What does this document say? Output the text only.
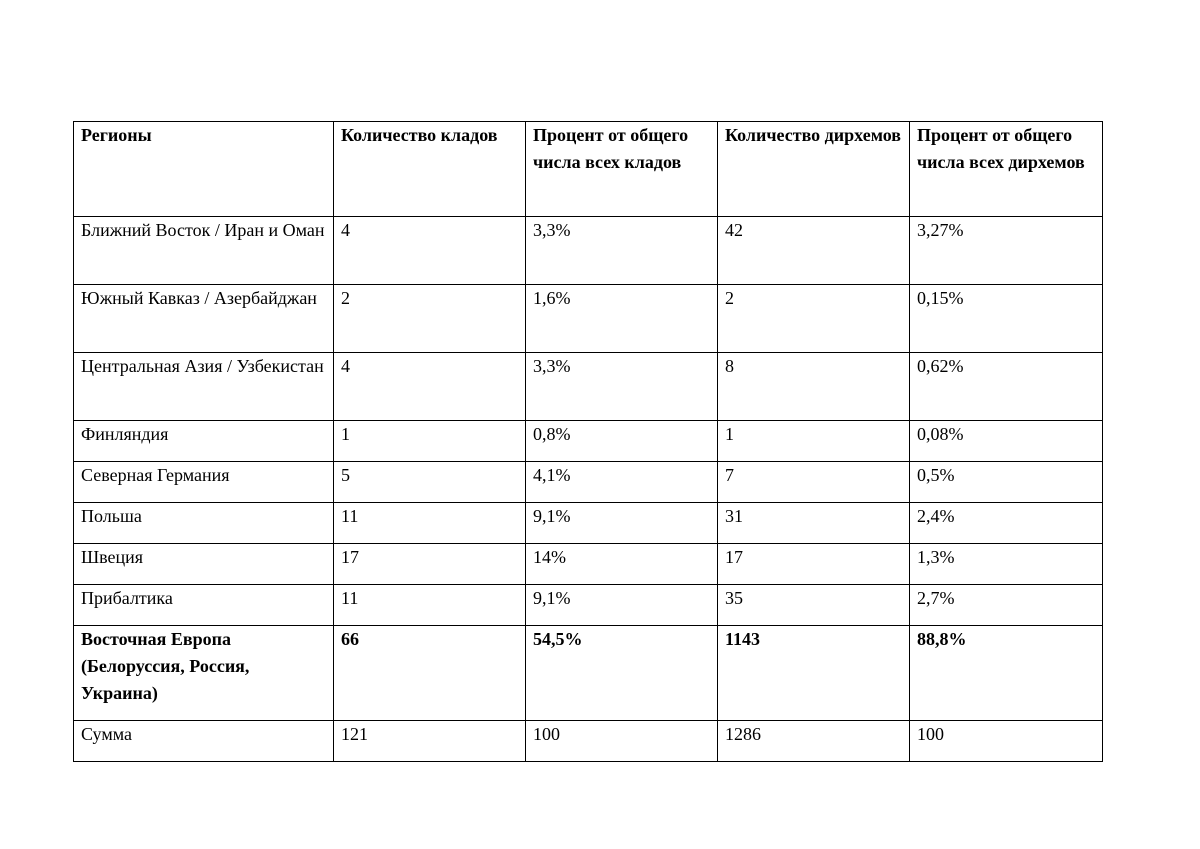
Регионы	Количество кладов	Процент от общего числа всех кладов	Количество дирхемов	Процент от общего числа всех дирхемов
Ближний Восток / Иран и Оман	4	3,3%	42	3,27%
Южный Кавказ / Азербайджан	2	1,6%	2	0,15%
Центральная Азия / Узбекистан	4	3,3%	8	0,62%
Финляндия	1	0,8%	1	0,08%
Северная Германия	5	4,1%	7	0,5%
Польша	11	9,1%	31	2,4%
Швеция	17	14%	17	1,3%
Прибалтика	11	9,1%	35	2,7%
Восточная Европа (Белоруссия, Россия, Украина)	66	54,5%	1143	88,8%
Сумма	121	100	1286	100
